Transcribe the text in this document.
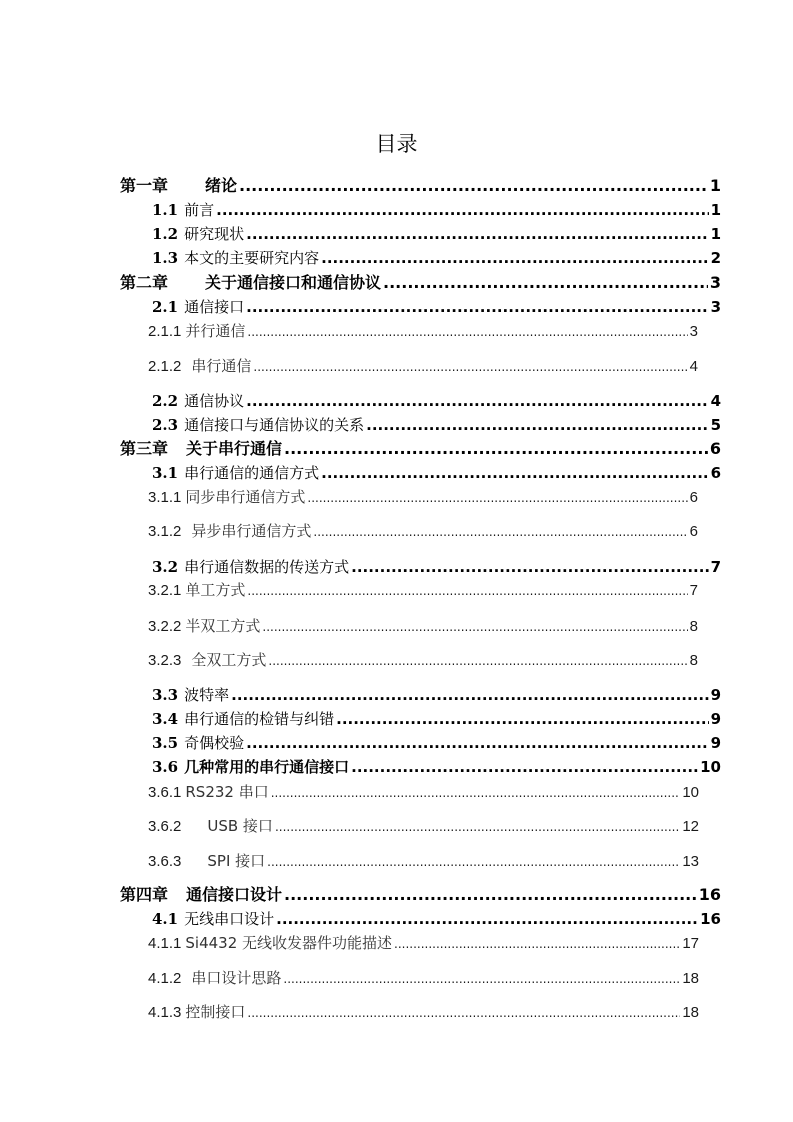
目录
第一章	绪论 .....	1
1.1 前言 .....	1
1.2 研究现状 .....	1
1.3 本文的主要研究内容 .....	2
第二章	关于通信接口和通信协议 .....	3
2.1 通信接口 .....	3
2.1.1 并行通信 .....	3
2.1.2 串行通信 .....	4
2.2 通信协议 .....	4
2.3 通信接口与通信协议的关系 .....	5
第三章	关于串行通信 .....	6
3.1 串行通信的通信方式 .....	6
3.1.1 同步串行通信方式 .....	6
3.1.2 异步串行通信方式 .....	6
3.2 串行通信数据的传送方式 .....	7
3.2.1 单工方式 .....	7
3.2.2 半双工方式 .....	8
3.2.3 全双工方式 .....	8
3.3 波特率 .....	9
3.4 串行通信的检错与纠错 .....	9
3.5 奇偶校验 .....	9
3.6 几种常用的串行通信接口 .....	10
3.6.1 RS232 串口 .....	10
3.6.2 USB 接口 .....	12
3.6.3 SPI 接口 .....	13
第四章	通信接口设计 .....	16
4.1 无线串口设计 .....	16
4.1.1 Si4432 无线收发器件功能描述 .....	17
4.1.2 串口设计思路 .....	18
4.1.3 控制接口 .....	18
